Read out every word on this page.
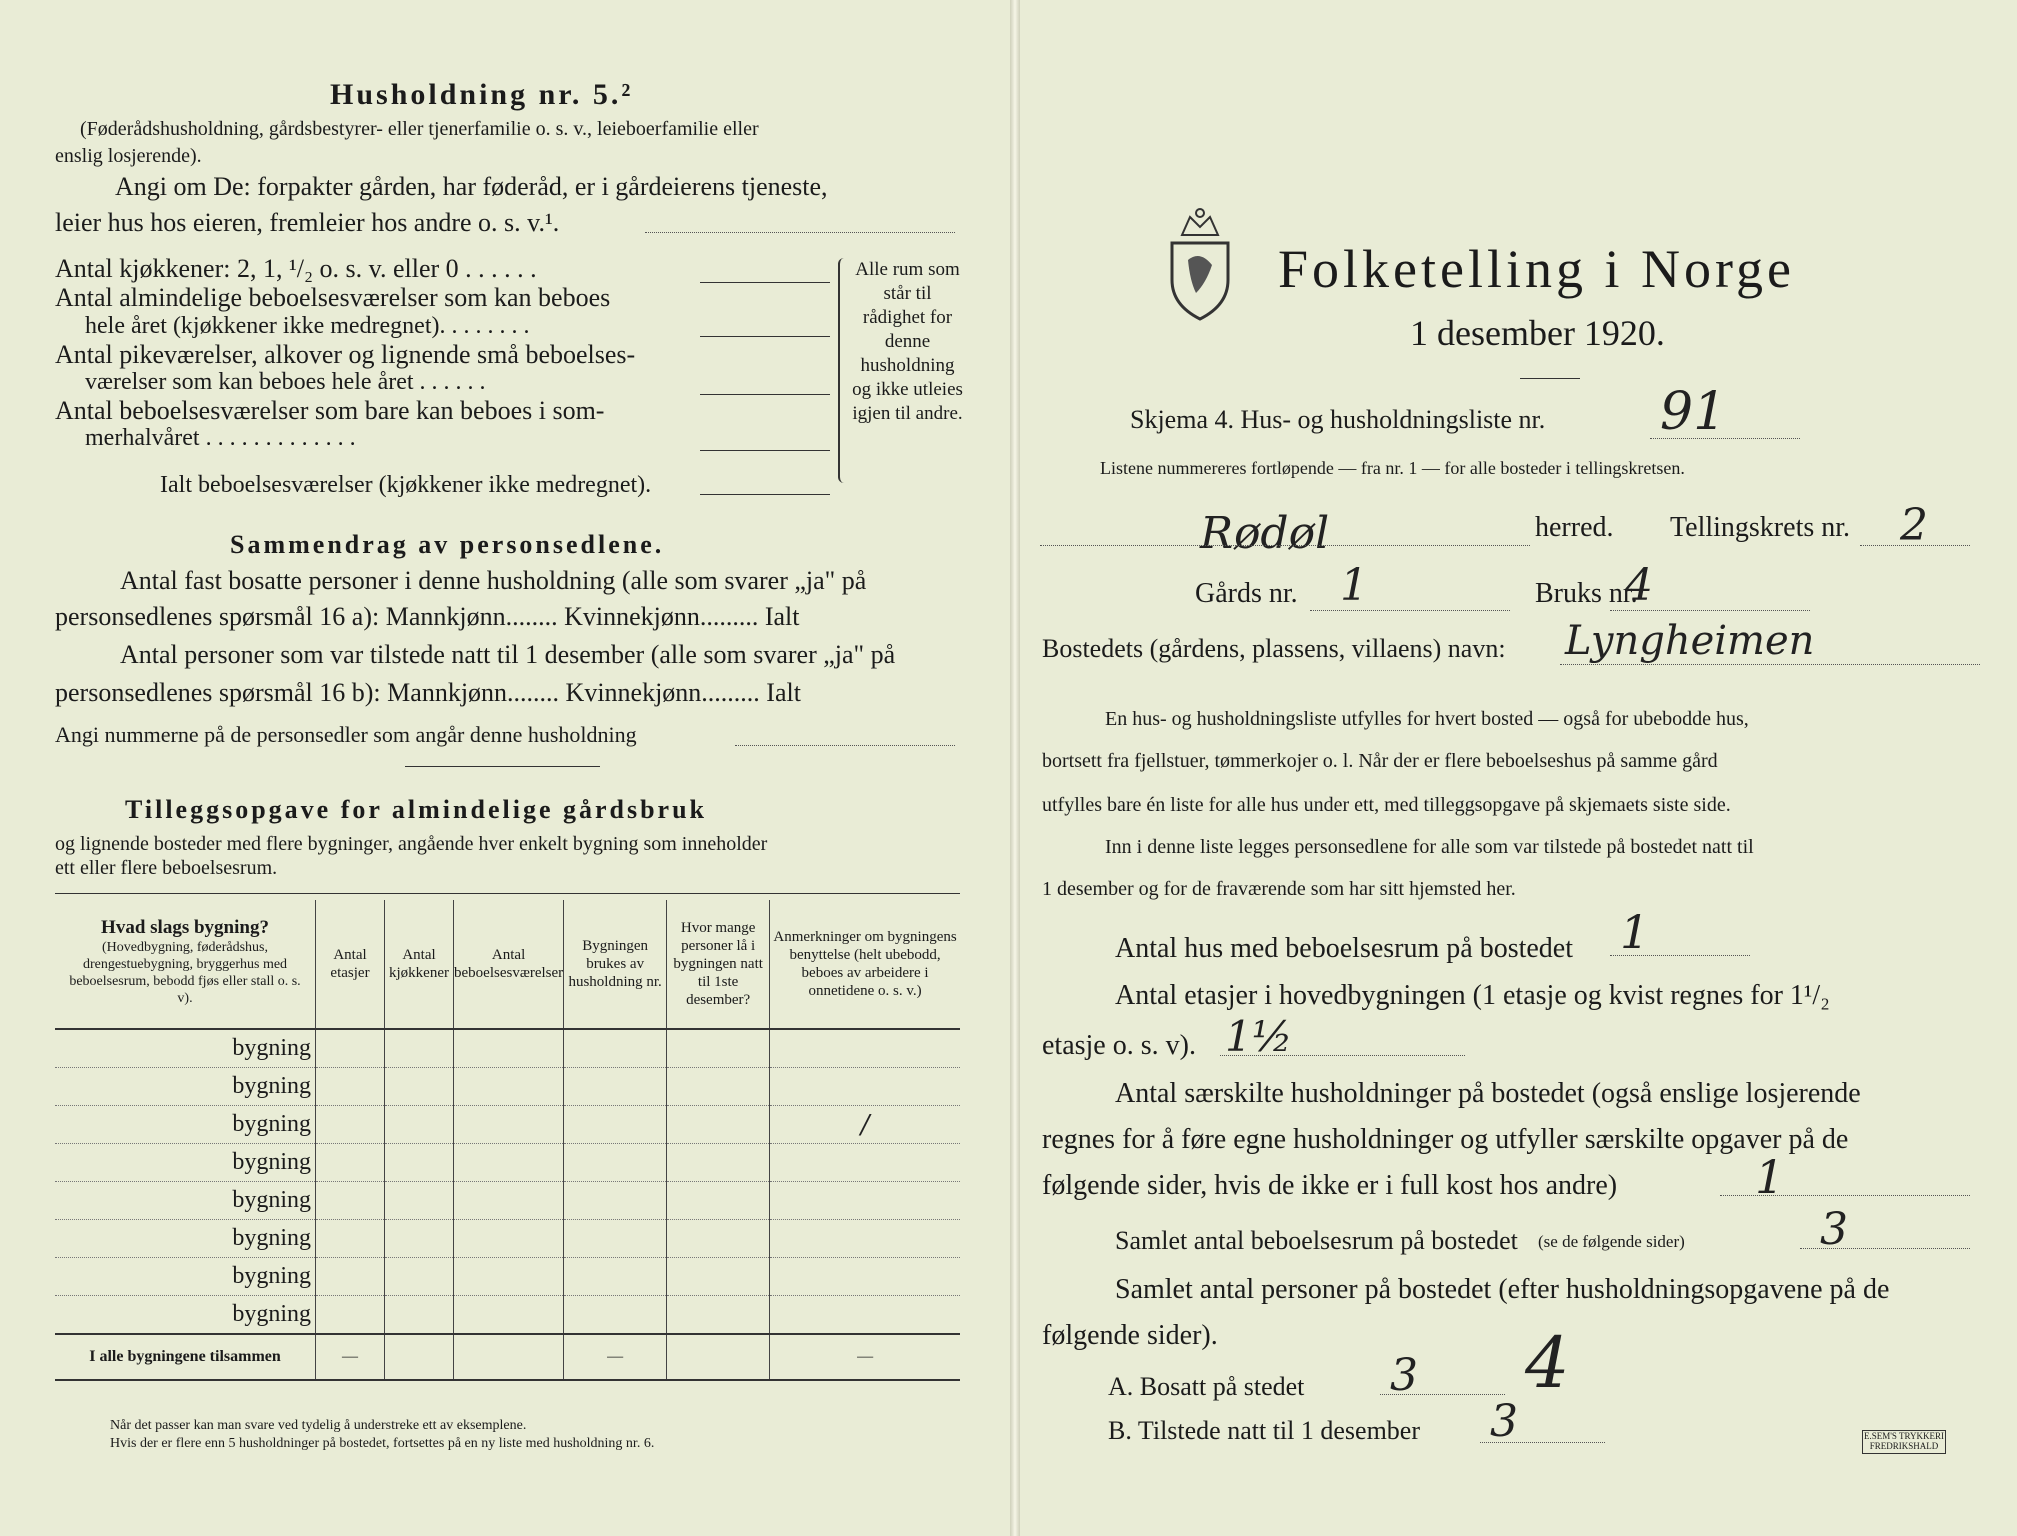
Husholdning nr. 5.²
(Føderådshusholdning, gårdsbestyrer- eller tjenerfamilie o. s. v., leieboerfamilie eller
enslig losjerende).
Angi om De: forpakter gården, har føderåd, er i gårdeierens tjeneste,
leier hus hos eieren, fremleier hos andre o. s. v.¹.
Antal kjøkkener: 2, 1, ¹/₂ o. s. v. eller 0 . . . . . .
Antal almindelige beboelsesværelser som kan beboes
hele året (kjøkkener ikke medregnet). . . . . . . .
Antal pikeværelser, alkover og lignende små beboelses-
værelser som kan beboes hele året . . . . . .
Antal beboelsesværelser som bare kan beboes i som-
merhalvåret . . . . . . . . . . . . .
Ialt beboelsesværelser (kjøkkener ikke medregnet).
Alle rum som står til rådighet for denne husholdning og ikke utleies igjen til andre.
Sammendrag av personsedlene.
Antal fast bosatte personer i denne husholdning (alle som svarer „ja" på
personsedlenes spørsmål 16 a): Mannkjønn........ Kvinnekjønn......... Ialt
Antal personer som var tilstede natt til 1 desember (alle som svarer „ja" på
personsedlenes spørsmål 16 b): Mannkjønn........ Kvinnekjønn......... Ialt
Angi nummerne på de personsedler som angår denne husholdning
Tilleggsopgave for almindelige gårdsbruk
og lignende bosteder med flere bygninger, angående hver enkelt bygning som inneholder
ett eller flere beboelsesrum.
Hvad slags bygning?
(Hovedbygning, føderådshus, drengestuebygning, bryggerhus med beboelsesrum, bebodd fjøs eller stall o. s. v).	Antal etasjer	Antal kjøkkener	Antal beboelsesværelser	Bygningen brukes av husholdning nr.	Hvor mange personer lå i bygningen natt til 1ste desember?	Anmerkninger om bygningens benyttelse (helt ubebodd, beboes av arbeidere i onnetidene o. s. v.)
bygning						
bygning						
bygning						/
bygning						
bygning						
bygning						
bygning						
bygning						
I alle bygningene tilsammen	—			—		—
Når det passer kan man svare ved tydelig å understreke ett av eksemplene.
Hvis der er flere enn 5 husholdninger på bostedet, fortsettes på en ny liste med husholdning nr. 6.
Folketelling i Norge
1 desember 1920.
Skjema 4. Hus- og husholdningsliste nr. 91
Listene nummereres fortløpende — fra nr. 1 — for alle bosteder i tellingskretsen.
Rødøl	herred. Tellingskrets nr. 2
Gårds nr. 1	Bruks nr.
4
Bostedets (gårdens, plassens, villaens) navn: Lyngheimen
En hus- og husholdningsliste utfylles for hvert bosted — også for ubebodde hus,
bortsett fra fjellstuer, tømmerkojer o. l. Når der er flere beboelseshus på samme gård
utfylles bare én liste for alle hus under ett, med tilleggsopgave på skjemaets siste side.
Inn i denne liste legges personsedlene for alle som var tilstede på bostedet natt til
1 desember og for de fraværende som har sitt hjemsted her.
Antal hus med beboelsesrum på bostedet 1
Antal etasjer i hovedbygningen (1 etasje og kvist regnes for 1¹/₂
etasje o. s. v). 1½
Antal særskilte husholdninger på bostedet (også enslige losjerende
regnes for å føre egne husholdninger og utfyller særskilte opgaver på de
følgende sider, hvis de ikke er i full kost hos andre)	1
Samlet antal beboelsesrum på bostedet (se de følgende sider)	3
Samlet antal personer på bostedet (efter husholdningsopgavene på de
følgende sider).
A. Bosatt på stedet 3 4
B. Tilstede natt til 1 desember 3	E.SEM'S TRYKKERI FREDRIKSHALD
